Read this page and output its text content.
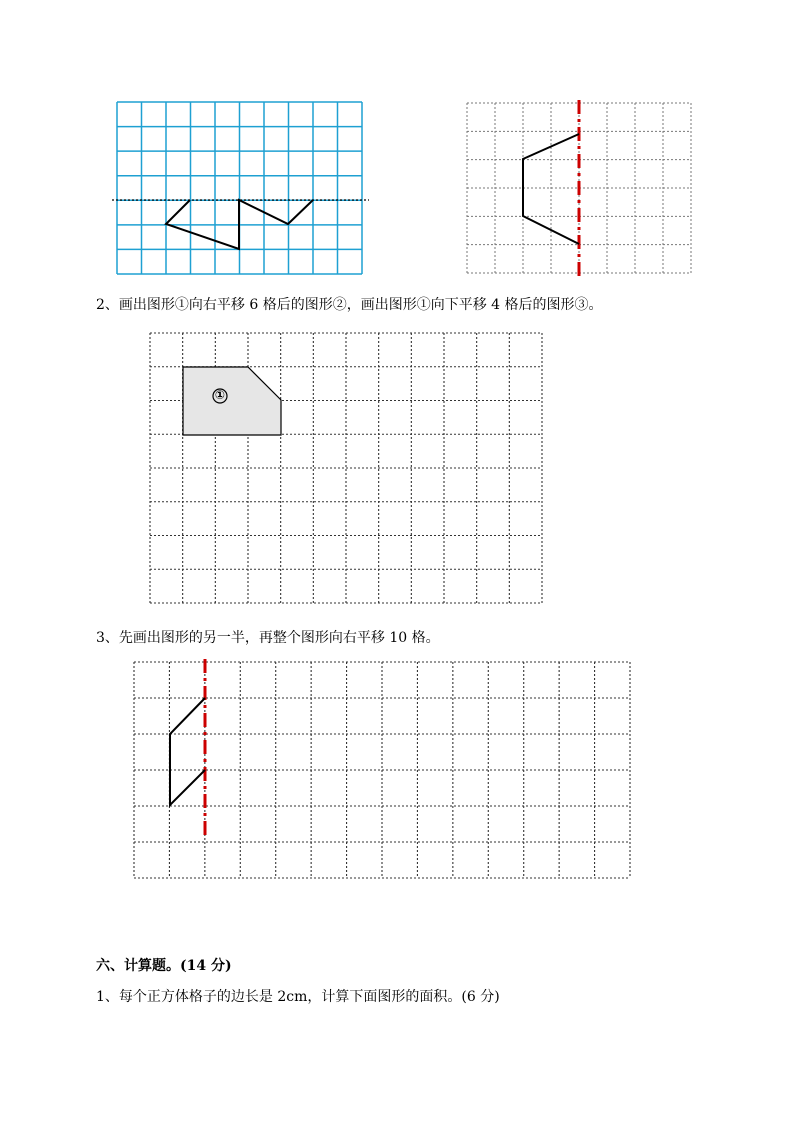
2、画出图形①向右平移 6 格后的图形②，画出图形①向下平移 4 格后的图形③。
①
3、先画出图形的另一半，再整个图形向右平移 10 格。
六、计算题。(14 分)
1、每个正方体格子的边长是 2cm，计算下面图形的面积。(6 分)
